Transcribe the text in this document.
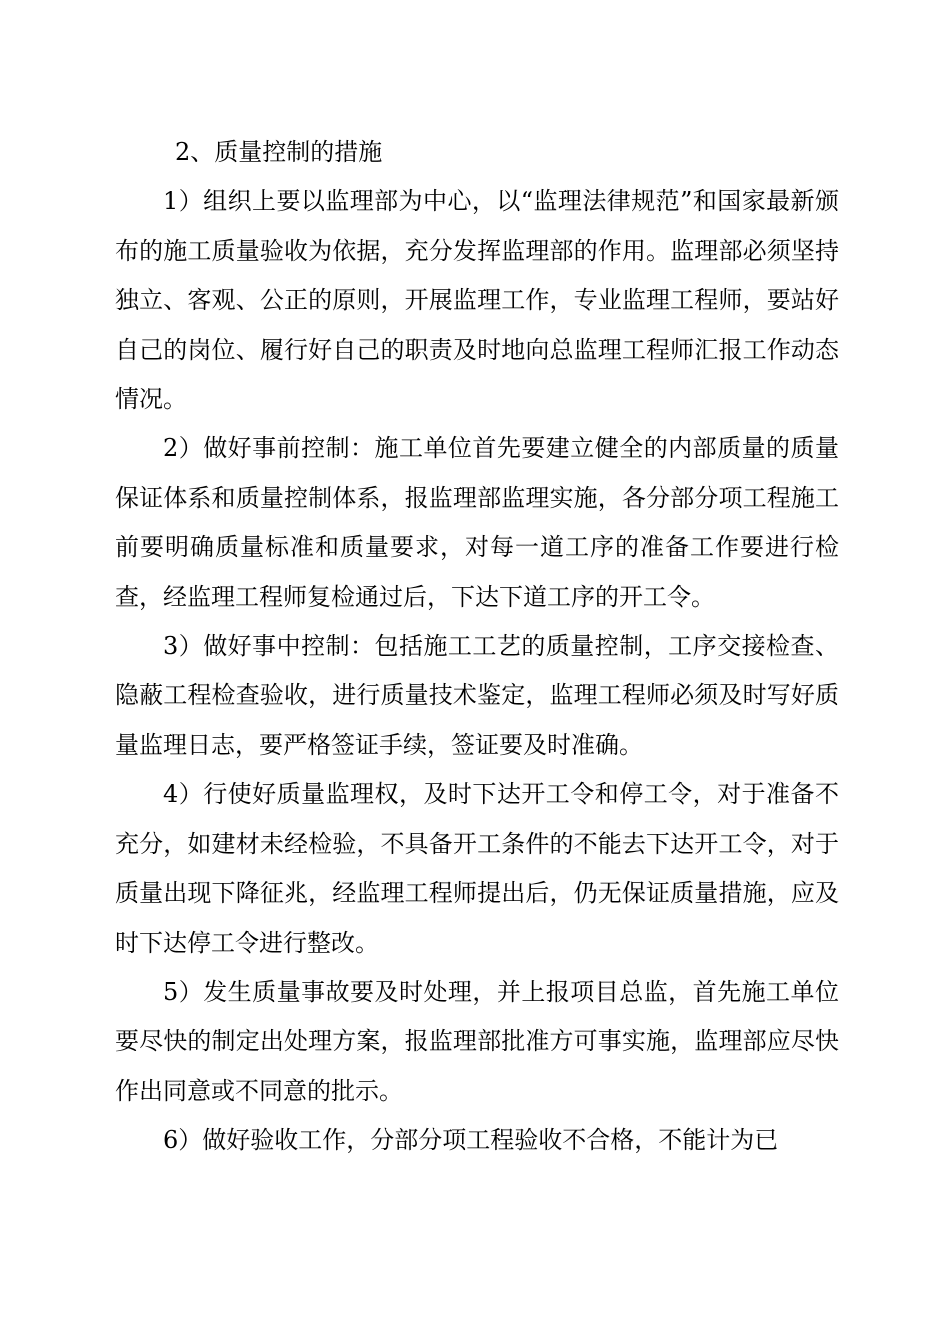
2、质量控制的措施

1）组织上要以监理部为中心，以“监理法律规范”和国家最新颁布的施工质量验收为依据，充分发挥监理部的作用。监理部必须坚持独立、客观、公正的原则，开展监理工作，专业监理工程师，要站好自己的岗位、履行好自己的职责及时地向总监理工程师汇报工作动态情况。

2）做好事前控制：施工单位首先要建立健全的内部质量的质量保证体系和质量控制体系，报监理部监理实施，各分部分项工程施工前要明确质量标准和质量要求，对每一道工序的准备工作要进行检查，经监理工程师复检通过后，下达下道工序的开工令。

3）做好事中控制：包括施工工艺的质量控制，工序交接检查、隐蔽工程检查验收，进行质量技术鉴定，监理工程师必须及时写好质量监理日志，要严格签证手续，签证要及时准确。

4）行使好质量监理权，及时下达开工令和停工令，对于准备不充分，如建材未经检验，不具备开工条件的不能去下达开工令，对于质量出现下降征兆，经监理工程师提出后，仍无保证质量措施，应及时下达停工令进行整改。

5）发生质量事故要及时处理，并上报项目总监，首先施工单位要尽快的制定出处理方案，报监理部批准方可事实施，监理部应尽快作出同意或不同意的批示。

6）做好验收工作，分部分项工程验收不合格，不能计为已
